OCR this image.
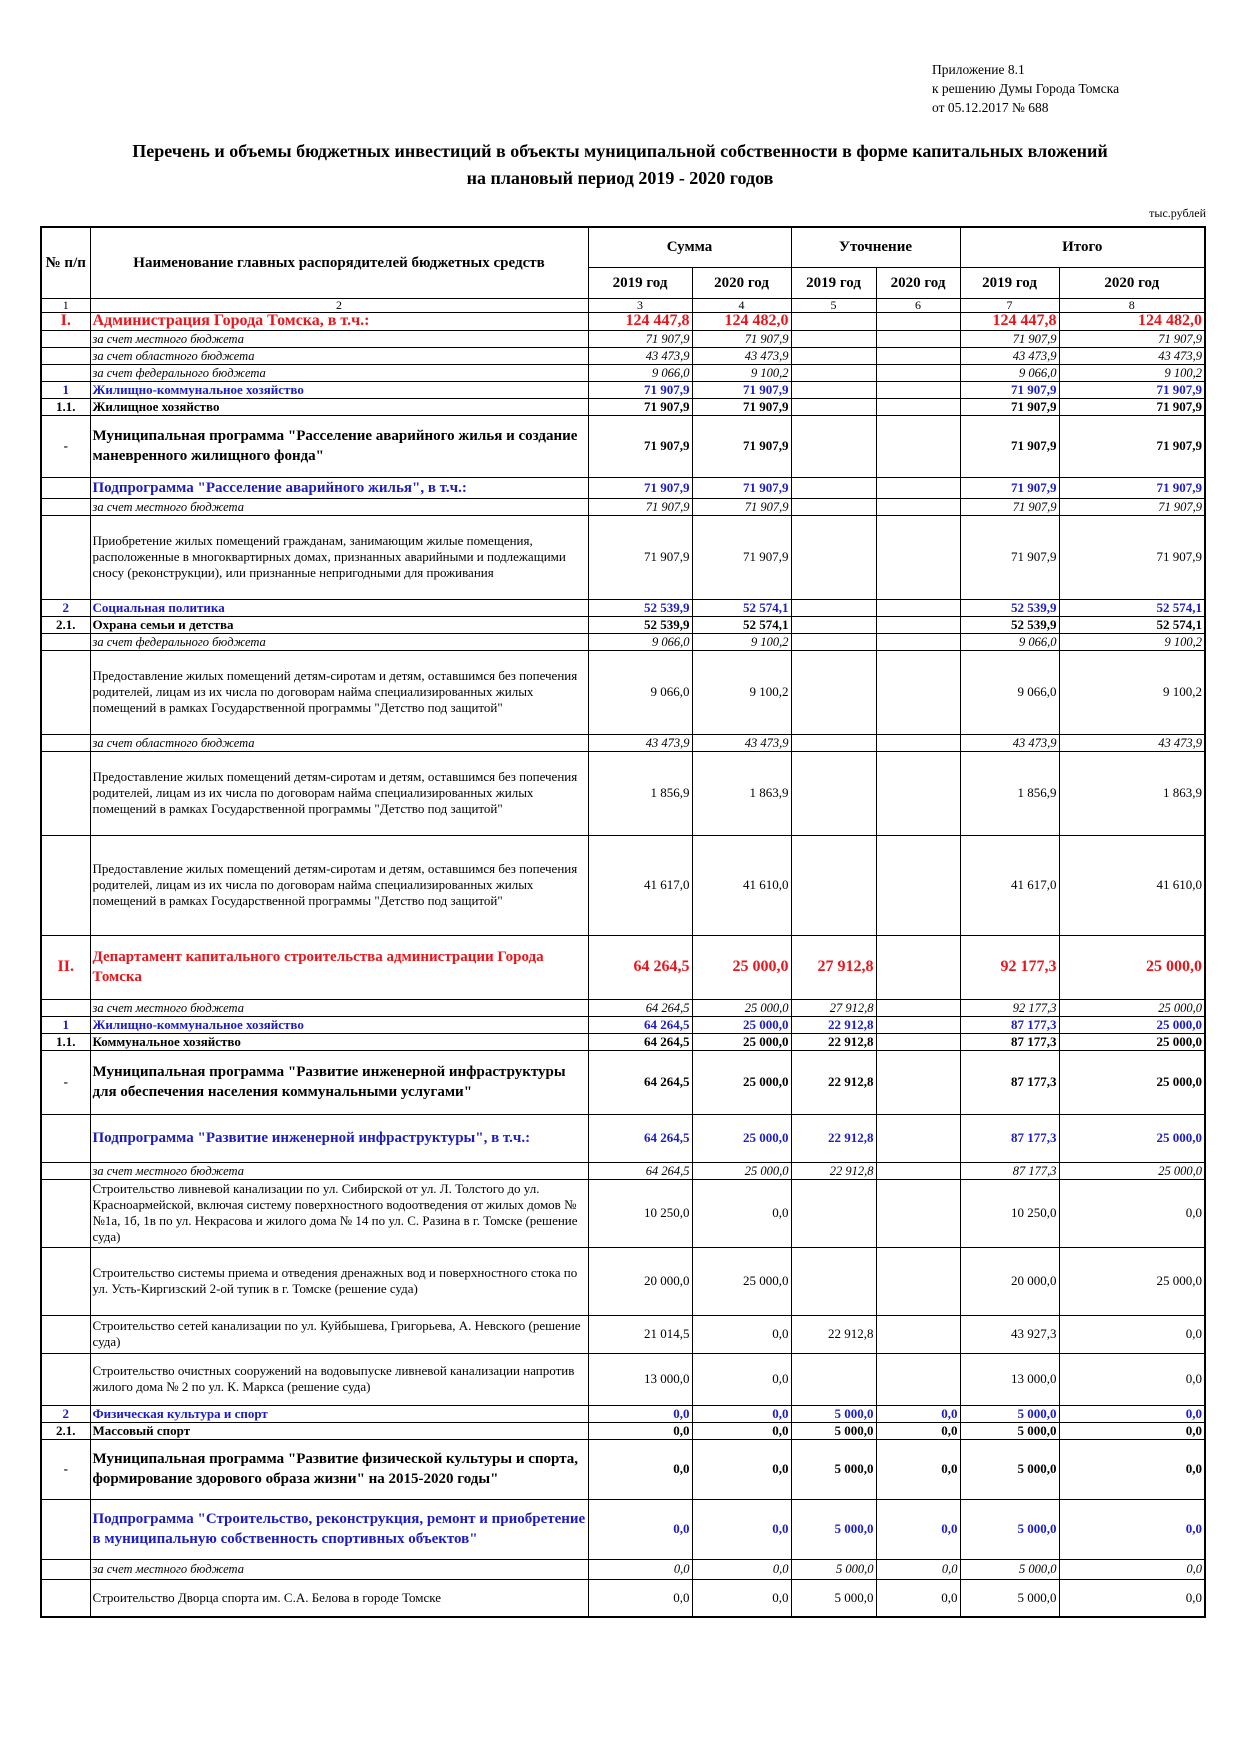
Приложение 8.1
к решению Думы Города Томска
от 05.12.2017 № 688
Перечень и объемы бюджетных инвестиций в объекты муниципальной собственности в форме капитальных вложений
на плановый период 2019 - 2020 годов
тыс.рублей
№ п/п	Наименование главных распорядителей бюджетных средств	Сумма		Уточнение		Итого	
		2019 год	2020 год	2019 год	2020 год	2019 год	2020 год
1	2	3	4	5	6	7	8
I.	Администрация Города Томска, в т.ч.:	124 447,8	124 482,0			124 447,8	124 482,0
	за счет местного бюджета	71 907,9	71 907,9			71 907,9	71 907,9
	за счет областного бюджета	43 473,9	43 473,9			43 473,9	43 473,9
	за счет федерального бюджета	9 066,0	9 100,2			9 066,0	9 100,2
1	Жилищно-коммунальное хозяйство	71 907,9	71 907,9			71 907,9	71 907,9
1.1.	Жилищное хозяйство	71 907,9	71 907,9			71 907,9	71 907,9
-	Муниципальная программа "Расселение аварийного жилья и создание маневренного жилищного фонда"	71 907,9	71 907,9			71 907,9	71 907,9
	Подпрограмма "Расселение аварийного жилья", в т.ч.:	71 907,9	71 907,9			71 907,9	71 907,9
	за счет местного бюджета	71 907,9	71 907,9			71 907,9	71 907,9
	Приобретение жилых помещений гражданам, занимающим жилые помещения, расположенные в многоквартирных домах, признанных аварийными и подлежащими сносу (реконструкции), или признанные непригодными для проживания	71 907,9	71 907,9			71 907,9	71 907,9
2	Социальная политика	52 539,9	52 574,1			52 539,9	52 574,1
2.1.	Охрана семьи и детства	52 539,9	52 574,1			52 539,9	52 574,1
	за счет федерального бюджета	9 066,0	9 100,2			9 066,0	9 100,2
	Предоставление жилых помещений детям-сиротам и детям, оставшимся без попечения родителей, лицам из их числа по договорам найма специализированных жилых помещений в рамках Государственной программы "Детство под защитой"	9 066,0	9 100,2			9 066,0	9 100,2
	за счет областного бюджета	43 473,9	43 473,9			43 473,9	43 473,9
	Предоставление жилых помещений детям-сиротам и детям, оставшимся без попечения родителей, лицам из их числа по договорам найма специализированных жилых помещений в рамках Государственной программы "Детство под защитой"	1 856,9	1 863,9			1 856,9	1 863,9
	Предоставление жилых помещений детям-сиротам и детям, оставшимся без попечения родителей, лицам из их числа по договорам найма специализированных жилых помещений в рамках Государственной программы "Детство под защитой"	41 617,0	41 610,0			41 617,0	41 610,0
II.	Департамент капитального строительства администрации Города Томска	64 264,5	25 000,0	27 912,8		92 177,3	25 000,0
	за счет местного бюджета	64 264,5	25 000,0	27 912,8		92 177,3	25 000,0
1	Жилищно-коммунальное хозяйство	64 264,5	25 000,0	22 912,8		87 177,3	25 000,0
1.1.	Коммунальное хозяйство	64 264,5	25 000,0	22 912,8		87 177,3	25 000,0
-	Муниципальная программа "Развитие инженерной инфраструктуры для обеспечения населения коммунальными услугами"	64 264,5	25 000,0	22 912,8		87 177,3	25 000,0
	Подпрограмма "Развитие инженерной инфраструктуры", в т.ч.:	64 264,5	25 000,0	22 912,8		87 177,3	25 000,0
	за счет местного бюджета	64 264,5	25 000,0	22 912,8		87 177,3	25 000,0
	Строительство ливневой канализации по ул. Сибирской от ул. Л. Толстого до ул. Красноармейской, включая систему поверхностного водоотведения от жилых домов №№1а, 1б, 1в по ул. Некрасова и жилого дома № 14 по ул. С. Разина в г. Томске (решение суда)	10 250,0	0,0			10 250,0	0,0
	Строительство системы приема и отведения дренажных вод и поверхностного стока по ул. Усть-Киргизский 2-ой тупик в г. Томске (решение суда)	20 000,0	25 000,0			20 000,0	25 000,0
	Строительство сетей канализации по ул. Куйбышева, Григорьева, А. Невского (решение суда)	21 014,5	0,0	22 912,8		43 927,3	0,0
	Строительство очистных сооружений на водовыпуске ливневой канализации напротив жилого дома № 2 по ул. К. Маркса (решение суда)	13 000,0	0,0			13 000,0	0,0
2	Физическая культура и спорт	0,0	0,0	5 000,0	0,0	5 000,0	0,0
2.1.	Массовый спорт	0,0	0,0	5 000,0	0,0	5 000,0	0,0
-	Муниципальная программа "Развитие физической культуры и спорта, формирование здорового образа жизни" на 2015-2020 годы"	0,0	0,0	5 000,0	0,0	5 000,0	0,0
	Подпрограмма "Строительство, реконструкция, ремонт и приобретение в муниципальную собственность спортивных объектов"	0,0	0,0	5 000,0	0,0	5 000,0	0,0
	за счет местного бюджета	0,0	0,0	5 000,0	0,0	5 000,0	0,0
	Строительство Дворца спорта им. С.А. Белова в городе Томске	0,0	0,0	5 000,0	0,0	5 000,0	0,0
